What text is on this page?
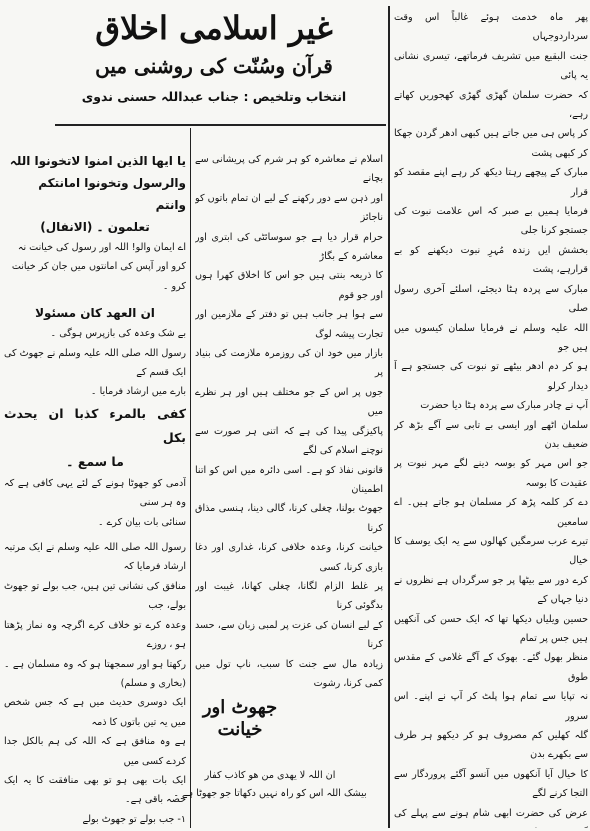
غیر اسلامی اخلاق
قرآن وسُنّت کی روشنی میں
انتخاب وتلخیص : جناب عبداللہ حسنی ندوی

پھر ماہ خدمت ہوئے غالباً اس وقت سرداردوجہاں

جنت البقیع میں تشریف فرماتھے، تیسری نشانی یہ پائی

کہ حضرت سلمان گھڑی گھڑی کھجوریں کھاتے رہے،

کر پاس ہی میں جاتے ہیں کبھی ادھر گردن جھکا کر کبھی پشت

مبارک کے پیچھے رہتا دیکھ کر رہے اپنے مقصد کو قرار

فرمایا ہمیں بے صبر کہ اس علامت نبوت کی جستجو کرنا جلی

بخشش ایں زندہ مُہرِ نبوت دیکھنے کو بے قرارہے، پشت

مبارک سے پردہ ہٹا دیجئے، اسلئے آخری رسول صلی

اللہ علیہ وسلم نے فرمایا سلمان کیسوں میں ہیں جو

ہو کر دم ادھر بیٹھے تو نبوت کی جستجو ہے آ دیدار کرلو

آپ نے چادر مبارک سے پردہ ہٹا دیا حضرت

سلمان اٹھے اور ایسی بے تابی سے آگے بڑھ کر ضعیف بدن

جو اس مہر کو بوسہ دینے لگے مہر نبوت پر عقیدت کا بوسہ

دے کر کلمہ پڑھ کر مسلمان ہو جاتے ہیں۔ اے سامعین

تیرے عرب سرمگیں کھالوں سے یہ ایک یوسف کا خیال

کرے دور سے بیٹھا پر جو سرگرداں ہے نظروں نے دنیا جہاں کے

حسین ویلیاں دیکھا تھا کہ ایک حسن کی آنکھیں ہیں جس پر تمام

منظر بھول گئے۔ بھوک کے آگے غلامی کے مقدس طوق

نہ تپایا سے تمام ہوا پلٹ کر آپ نے اپنے۔ اس سرور

گلہ کھلیں کم مصروف ہو کر دیکھو ہر طرف سے بکھرے بدن

کا خیال آیا آنکھوں میں آنسو آگئے پروردگار سے التجا کرنے لگے

عرض کی حضرت ابھی شام ہونے سے پہلے کی

اسلام نے معاشرہ کو ہر شرم کی پریشانی سے بچانے

اور ذہن سے دور رکھنے کے لیے ان تمام باتوں کو ناجائز

حرام قرار دیا ہے جو سوسائٹی کی ابتری اور معاشرہ کے بگاڑ

کا ذریعہ بنتی ہیں جو اس کا اخلاق کھرا ہوں اور جو قوم

سے ہوا ہر جانب ہیں تو دفتر کے ملازمین اور تجارت پیشہ لوگ

بازار میں خود ان کی روزمرہ ملازمت کی بنیاد پر

جوں پر اس کے جو مختلف ہیں اور ہر نظرے میں

پاکیزگی پیدا کی ہے کہ اتنی ہر صورت سے نوچنے اسلام کی لگے

قانونی نفاذ کو ہے۔ اسی دائرہ میں اس کو اتنا اطمینان

جھوٹ بولنا، چغلی کرنا، گالی دینا، ہنسی مذاق کرنا

خیانت کرنا، وعدہ خلافی کرنا، غداری اور دغا بازی کرنا، کسی

پر غلط الزام لگانا، چغلی کھانا، غیبت اور بدگوئی کرنا

کے لیے انسان کی عزت پر لمبی زبان سے، حسد کرنا

زیادہ مال سے جنت کا سبب، ناپ تول میں کمی کرنا، رشوت

جھوٹ اور خیانت

ان اللہ لا یهدی من هو کاذب کفار

بیشک اللہ اس کو راہ نہیں دکھاتا جو جھوٹا ہے ۔

یا ایها الذین امنوا لاتخونوا اللہ
والرسول وتخونوا امانتکم وانتم
تعلمون ۔ (الانفال)

اے ایمان والو! اللہ اور رسول کی خیانت نہ

کرو اور آپس کی امانتوں میں جان کر خیانت

کرو ۔

ان العهد کان مسئولا

بے شک وعدہ کی بازپرس ہوگی ۔

رسول اللہ صلی اللہ علیہ وسلم نے جھوٹ کی ایک قسم کے

بارے میں ارشاد فرمایا ۔

کفی بالمرء کذبا ان یحدث بکل
ما سمع ۔

آدمی کو جھوٹا ہونے کے لئے یہی کافی ہے کہ وہ ہر سنی

سنائی بات بیان کرے ۔

رسول اللہ صلی اللہ علیہ وسلم نے ایک مرتبہ ارشاد فرمایا کہ

منافق کی نشانی تین ہیں، جب بولے تو جھوٹ بولے، جب

وعدہ کرے تو خلاف کرے اگرچہ وہ نماز پڑھتا ہو ، روزے

رکھتا ہو اور سمجھتا ہو کہ وہ مسلمان ہے ۔ (بخاری و مسلم)

ایک دوسری حدیث میں ہے کہ جس شخص میں یہ تین باتوں کا ذمہ

ہے وہ منافق ہے کہ اللہ کی ہم بالکل جدا کردے کسی میں

ایک بات بھی ہو تو بھی منافقت کا یہ ایک حصہ باقی ہے۔

١- جب بولے تو جھوٹ بولے
